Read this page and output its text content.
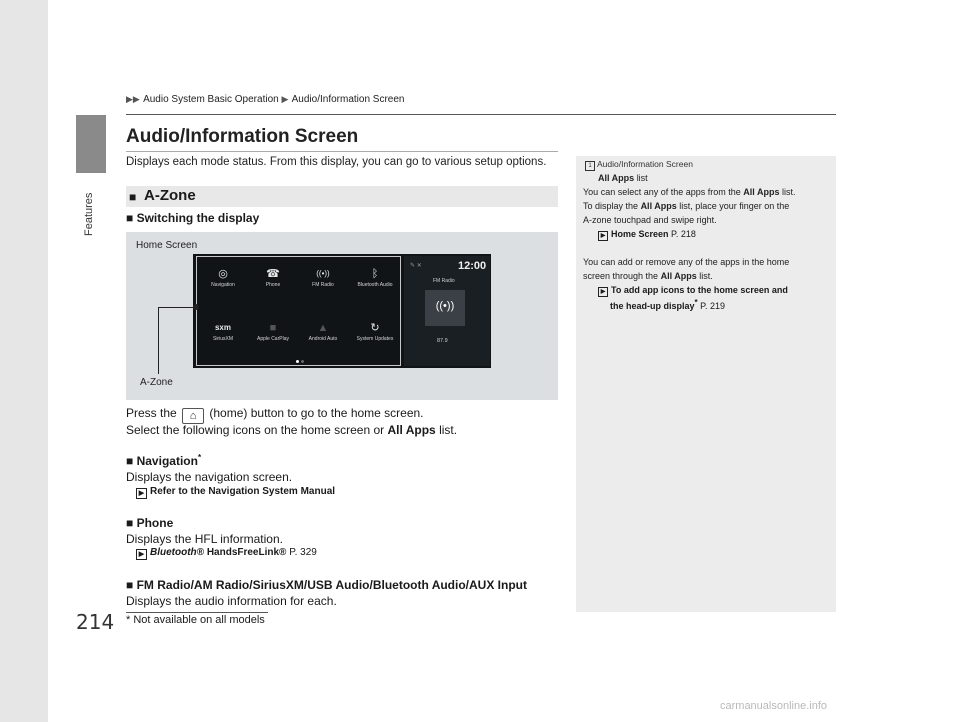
Features
214
▶▶ Audio System Basic Operation ▶ Audio/Information Screen
Audio/Information Screen
Displays each mode status. From this display, you can go to various setup options.
■ A-Zone
■ Switching the display
Home Screen
A-Zone
◎
Navigation
☎
Phone
((•))
FM Radio
ᛒ
Bluetooth Audio
sxm
SiriusXM
■
Apple CarPlay
▲
Android Auto
↻
System Updates
✎ ✕	12:00
FM Radio
((•))
87.9
Press the ⌂ (home) button to go to the home screen.
Select the following icons on the home screen or All Apps list.
■ Navigation*
Displays the navigation screen.
▶ Refer to the Navigation System Manual
■ Phone
Displays the HFL information.
▶ Bluetooth® HandsFreeLink® P. 329
■ FM Radio/AM Radio/SiriusXM/USB Audio/Bluetooth Audio/AUX Input
Displays the audio information for each.
1 Audio/Information Screen
All Apps list
You can select any of the apps from the All Apps list.
To display the All Apps list, place your finger on the
A-zone touchpad and swipe right.
▶ Home Screen P. 218
You can add or remove any of the apps in the home
screen through the All Apps list.
▶ To add app icons to the home screen and
the head-up display* P. 219
* Not available on all models
carmanualsonline.info
